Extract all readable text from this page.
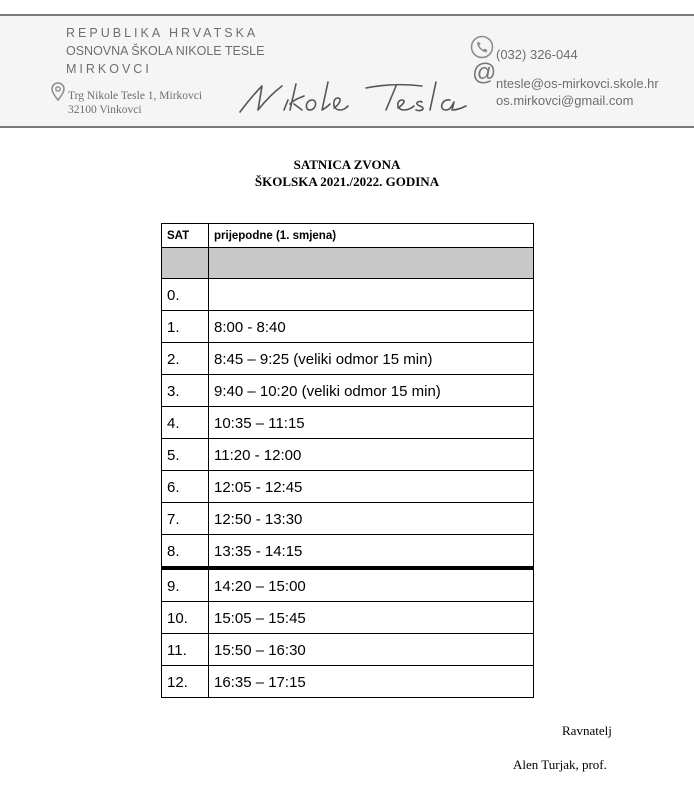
REPUBLIKA HRVATSKA
OSNOVNA ŠKOLA NIKOLE TESLE
MIRKOVCI
Trg Nikole Tesle 1, Mirkovci
32100 Vinkovci
(032) 326-044
@ ntesle@os-mirkovci.skole.hr
os.mirkovci@gmail.com
SATNICA ZVONA
ŠKOLSKA 2021./2022. GODINA
SAT	prijepodne (1. smjena)

0.	
1.	8:00 - 8:40
2.	8:45 – 9:25 (veliki odmor 15 min)
3.	9:40 – 10:20 (veliki odmor 15 min)
4.	10:35 – 11:15
5.	11:20 - 12:00
6.	12:05 - 12:45
7.	12:50 - 13:30
8.	13:35 - 14:15
9.	14:20 – 15:00
10.	15:05 – 15:45
11.	15:50 – 16:30
12.	16:35 – 17:15
Ravnatelj
Alen Turjak, prof.
